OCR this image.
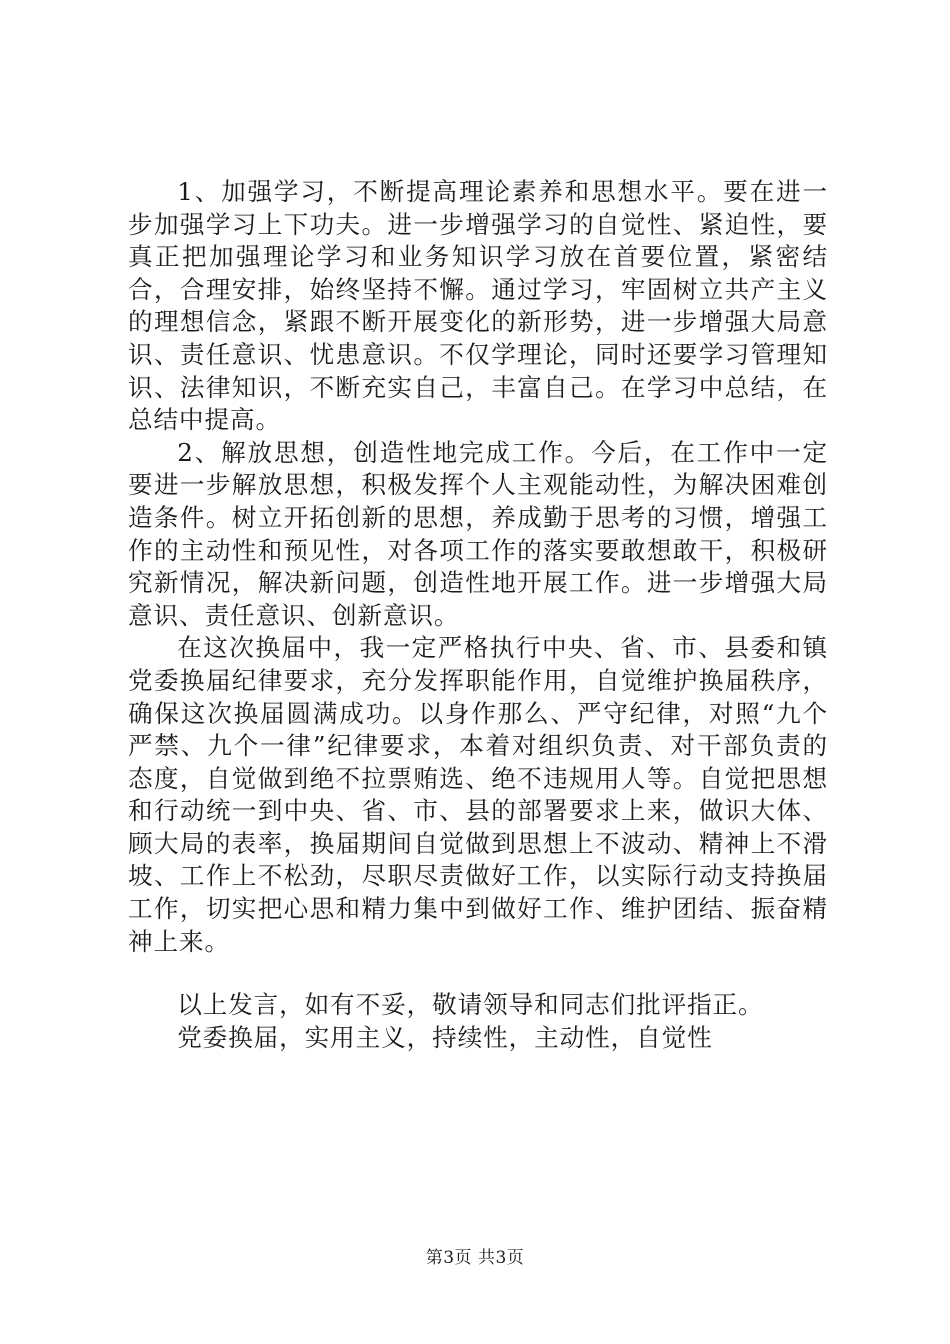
1、加强学习，不断提高理论素养和思想水平。要在进一步加强学习上下功夫。进一步增强学习的自觉性、紧迫性，要真正把加强理论学习和业务知识学习放在首要位置，紧密结合，合理安排，始终坚持不懈。通过学习，牢固树立共产主义的理想信念，紧跟不断开展变化的新形势，进一步增强大局意识、责任意识、忧患意识。不仅学理论，同时还要学习管理知识、法律知识，不断充实自己，丰富自己。在学习中总结，在总结中提高。

2、解放思想，创造性地完成工作。今后，在工作中一定要进一步解放思想，积极发挥个人主观能动性，为解决困难创造条件。树立开拓创新的思想，养成勤于思考的习惯，增强工作的主动性和预见性，对各项工作的落实要敢想敢干，积极研究新情况，解决新问题，创造性地开展工作。进一步增强大局意识、责任意识、创新意识。

在这次换届中，我一定严格执行中央、省、市、县委和镇党委换届纪律要求，充分发挥职能作用，自觉维护换届秩序，确保这次换届圆满成功。以身作那么、严守纪律，对照“九个严禁、九个一律”纪律要求，本着对组织负责、对干部负责的态度，自觉做到绝不拉票贿选、绝不违规用人等。自觉把思想和行动统一到中央、省、市、县的部署要求上来，做识大体、顾大局的表率，换届期间自觉做到思想上不波动、精神上不滑坡、工作上不松劲，尽职尽责做好工作，以实际行动支持换届工作，切实把心思和精力集中到做好工作、维护团结、振奋精神上来。

以上发言，如有不妥，敬请领导和同志们批评指正。

党委换届，实用主义，持续性，主动性，自觉性

第3页 共3页
